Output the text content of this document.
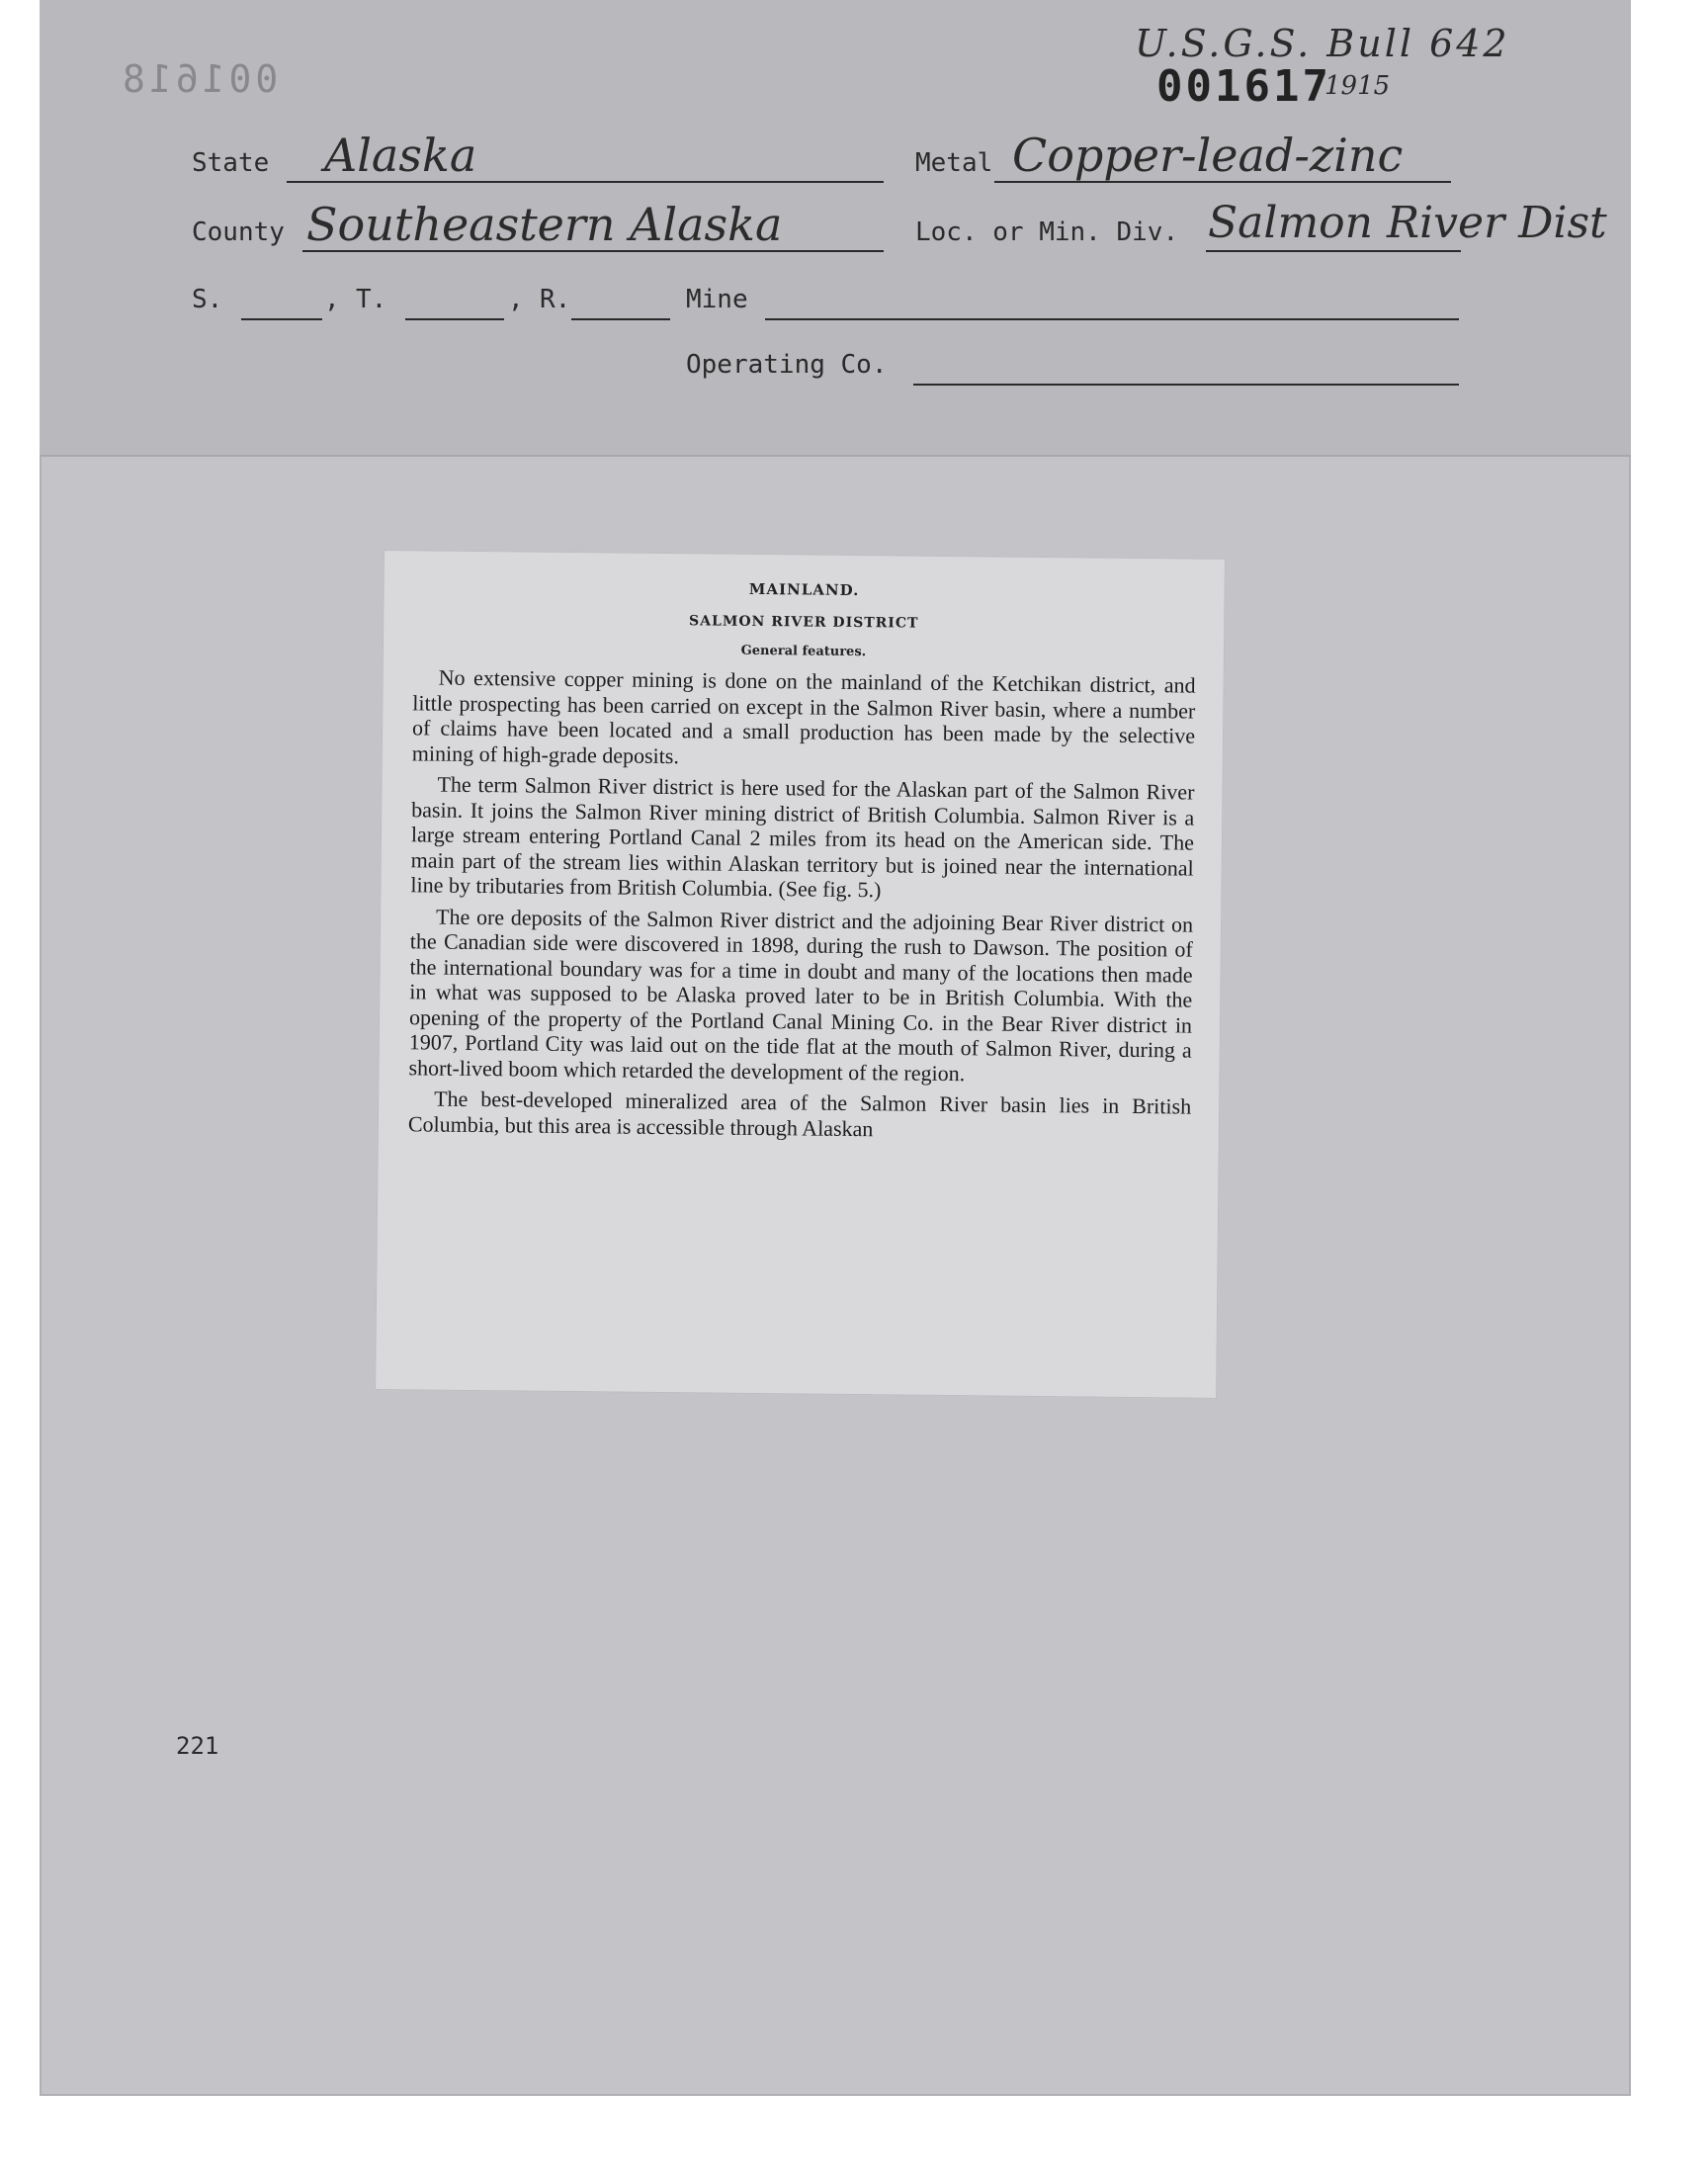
001618
U.S.G.S. Bull 642
001617
1915
State Alaska	Metal Copper-lead-zinc
County Southeastern Alaska	Loc. or Min. Div. Salmon River Dist
S.	, T.	, R.	Mine
Operating Co.
MAINLAND.
SALMON RIVER DISTRICT
General features.

No extensive copper mining is done on the mainland of the Ketchikan district, and little prospecting has been carried on except in the Salmon River basin, where a number of claims have been located and a small production has been made by the selective mining of high-grade deposits.

The term Salmon River district is here used for the Alaskan part of the Salmon River basin. It joins the Salmon River mining district of British Columbia. Salmon River is a large stream entering Portland Canal 2 miles from its head on the American side. The main part of the stream lies within Alaskan territory but is joined near the international line by tributaries from British Columbia. (See fig. 5.)

The ore deposits of the Salmon River district and the adjoining Bear River district on the Canadian side were discovered in 1898, during the rush to Dawson. The position of the international boundary was for a time in doubt and many of the locations then made in what was supposed to be Alaska proved later to be in British Columbia. With the opening of the property of the Portland Canal Mining Co. in the Bear River district in 1907, Portland City was laid out on the tide flat at the mouth of Salmon River, during a short-lived boom which retarded the development of the region.

The best-developed mineralized area of the Salmon River basin lies in British Columbia, but this area is accessible through Alaskan

221
